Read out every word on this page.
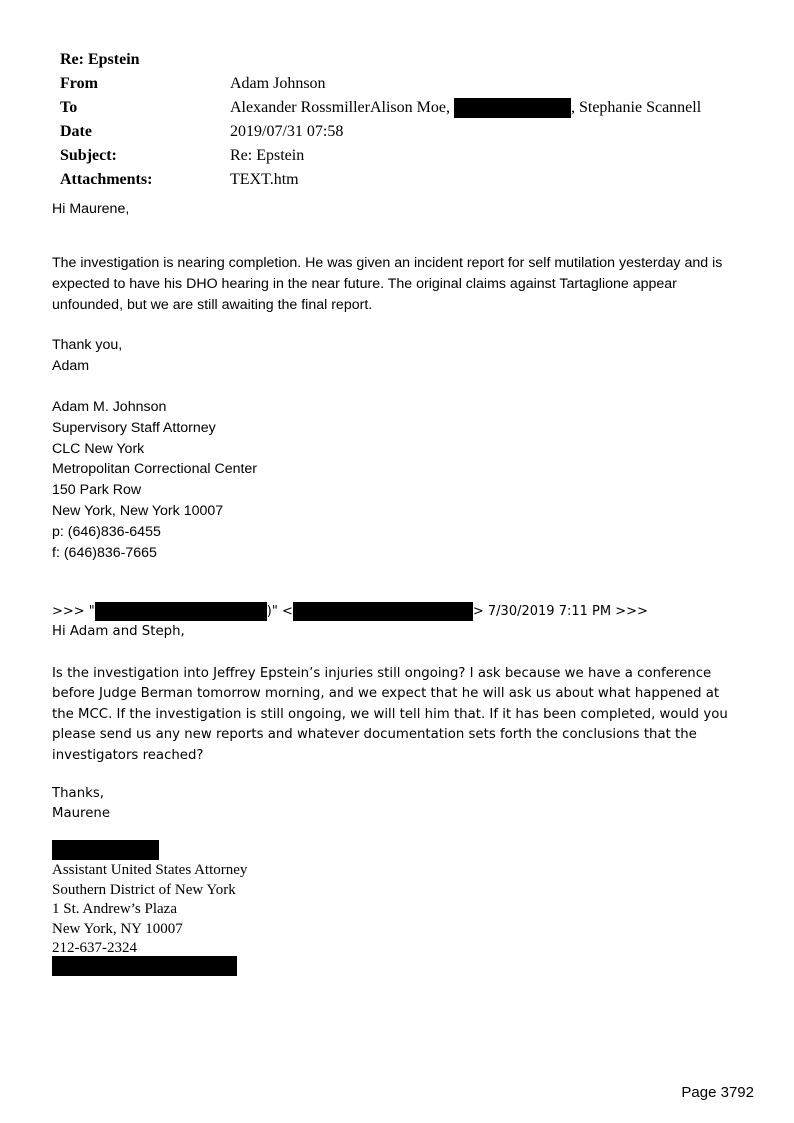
Re: Epstein
From	Adam Johnson
To	Alexander RossmillerAlison Moe,	, Stephanie Scannell
Date	2019/07/31 07:58
Subject:	Re: Epstein
Attachments:	TEXT.htm
Hi Maurene,
The investigation is nearing completion. He was given an incident report for self mutilation yesterday and is
expected to have his DHO hearing in the near future. The original claims against Tartaglione appear
unfounded, but we are still awaiting the final report.
Thank you,
Adam
Adam M. Johnson
Supervisory Staff Attorney
CLC New York
Metropolitan Correctional Center
150 Park Row
New York, New York 10007
p: (646)836-6455
f: (646)836-7665
>>> "	)" <	> 7/30/2019 7:11 PM >>>
Hi Adam and Steph,
Is the investigation into Jeffrey Epstein’s injuries still ongoing? I ask because we have a conference
before Judge Berman tomorrow morning, and we expect that he will ask us about what happened at
the MCC. If the investigation is still ongoing, we will tell him that. If it has been completed, would you
please send us any new reports and whatever documentation sets forth the conclusions that the
investigators reached?
Thanks,
Maurene
Assistant United States Attorney
Southern District of New York
1 St. Andrew’s Plaza
New York, NY 10007
212-637-2324
Page 3792
